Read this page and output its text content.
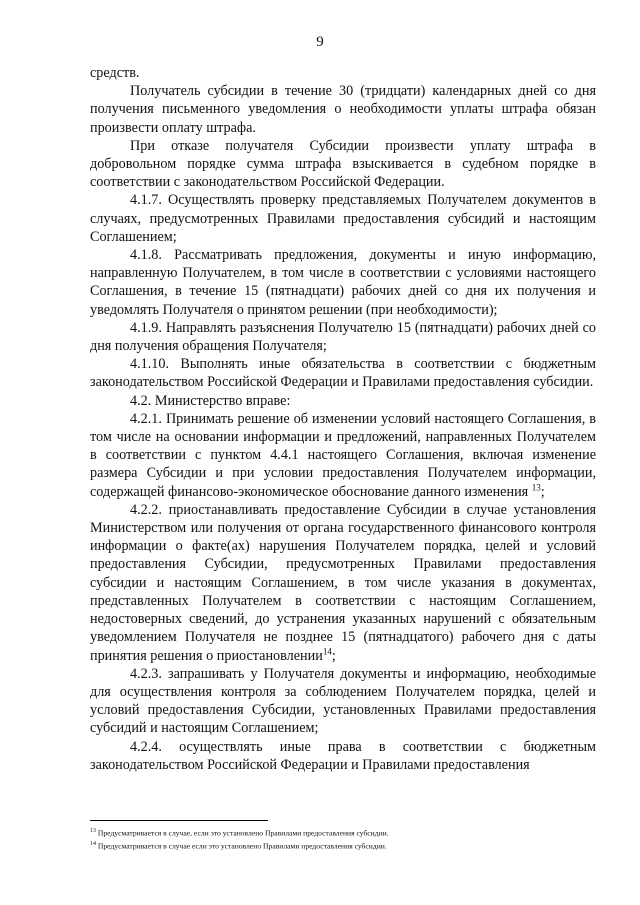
9

средств.

Получатель субсидии в течение 30 (тридцати) календарных дней со дня получения письменного уведомления о необходимости уплаты штрафа обязан произвести оплату штрафа.

При отказе получателя Субсидии произвести уплату штрафа в добровольном порядке сумма штрафа взыскивается в судебном порядке в соответствии с законодательством Российской Федерации.

4.1.7. Осуществлять проверку представляемых Получателем документов в случаях, предусмотренных Правилами предоставления субсидий и настоящим Соглашением;

4.1.8. Рассматривать предложения, документы и иную информацию, направленную Получателем, в том числе в соответствии с условиями настоящего Соглашения, в течение 15 (пятнадцати) рабочих дней со дня их получения и уведомлять Получателя о принятом решении (при необходимости);

4.1.9. Направлять разъяснения Получателю 15 (пятнадцати) рабочих дней со дня получения обращения Получателя;

4.1.10. Выполнять иные обязательства в соответствии с бюджетным законодательством Российской Федерации и Правилами предоставления субсидии.

4.2. Министерство вправе:

4.2.1. Принимать решение об изменении условий настоящего Соглашения, в том числе на основании информации и предложений, направленных Получателем в соответствии с пунктом 4.4.1 настоящего Соглашения, включая изменение размера Субсидии и при условии предоставления Получателем информации, содержащей финансово-экономическое обоснование данного изменения $^{13}$;

4.2.2. приостанавливать предоставление Субсидии в случае установления Министерством или получения от органа государственного финансового контроля информации о факте(ах) нарушения Получателем порядка, целей и условий предоставления Субсидии, предусмотренных Правилами предоставления субсидии и настоящим Соглашением, в том числе указания в документах, представленных Получателем в соответствии с настоящим Соглашением, недостоверных сведений, до устранения указанных нарушений с обязательным уведомлением Получателя не позднее 15 (пятнадцатого) рабочего дня с даты принятия решения о приостановлении$^{14}$;

4.2.3. запрашивать у Получателя документы и информацию, необходимые для осуществления контроля за соблюдением Получателем порядка, целей и условий предоставления Субсидии, установленных Правилами предоставления субсидий и настоящим Соглашением;

4.2.4. осуществлять иные права в соответствии с бюджетным законодательством Российской Федерации и Правилами предоставления

$^{13}$ Предусматривается в случае, если это установлено Правилами предоставления субсидии.

$^{14}$ Предусматривается в случае если это установлено Правилами предоставления субсидии.
